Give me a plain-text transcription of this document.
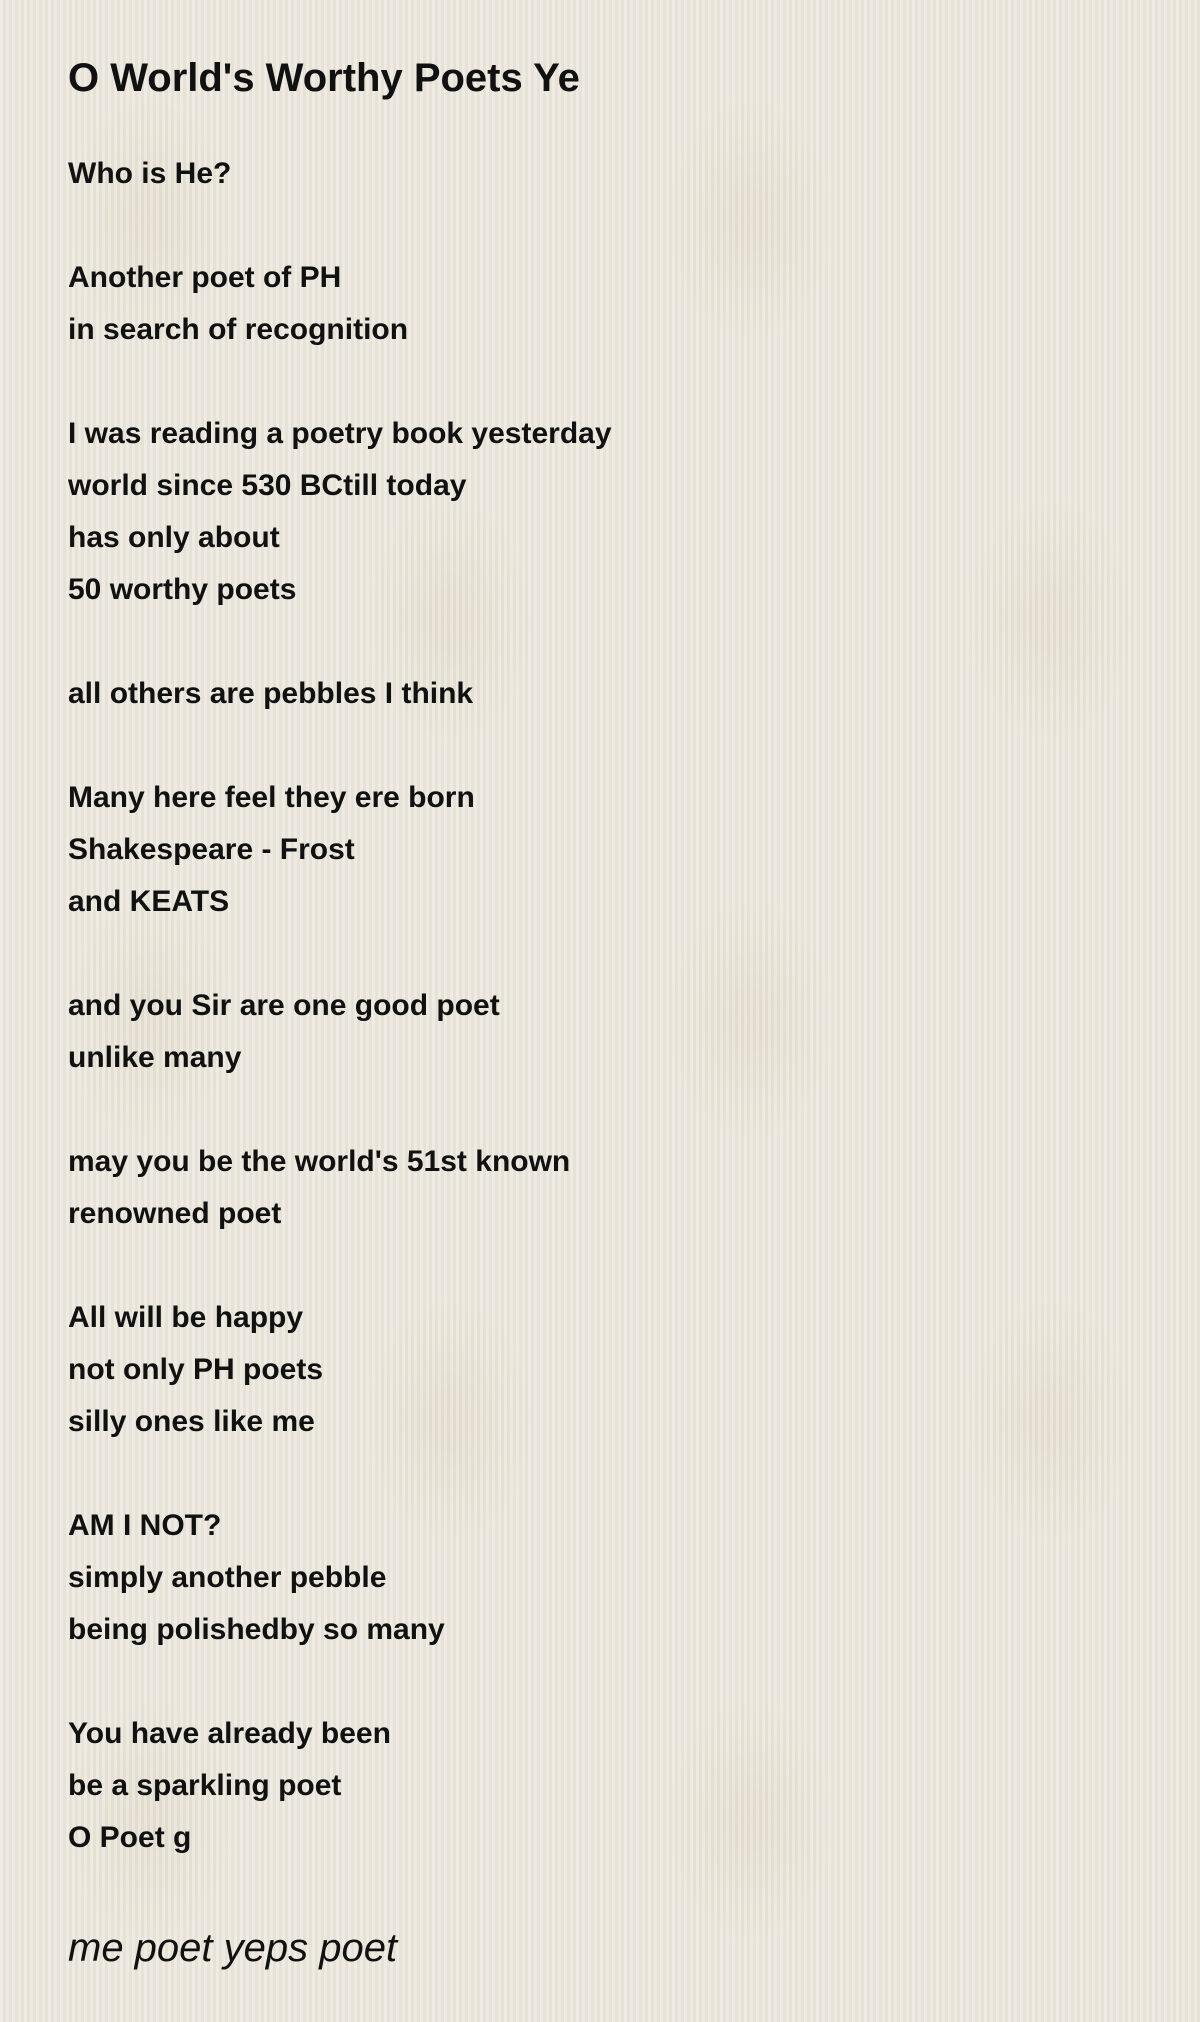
O World's Worthy Poets Ye
Who is He?
Another poet of PH
in search of recognition
I was reading a poetry book yesterday
world since 530 BCtill today
has only about
50 worthy poets
all others are pebbles I think
Many here feel they ere born
Shakespeare - Frost
and KEATS
and you Sir are one good poet
unlike many
may you be the world's 51st known
renowned poet
All will be happy
not only PH poets
silly ones like me
AM I NOT?
simply another pebble
being polishedby so many
You have already been
be a sparkling poet
O Poet g
me poet yeps poet
